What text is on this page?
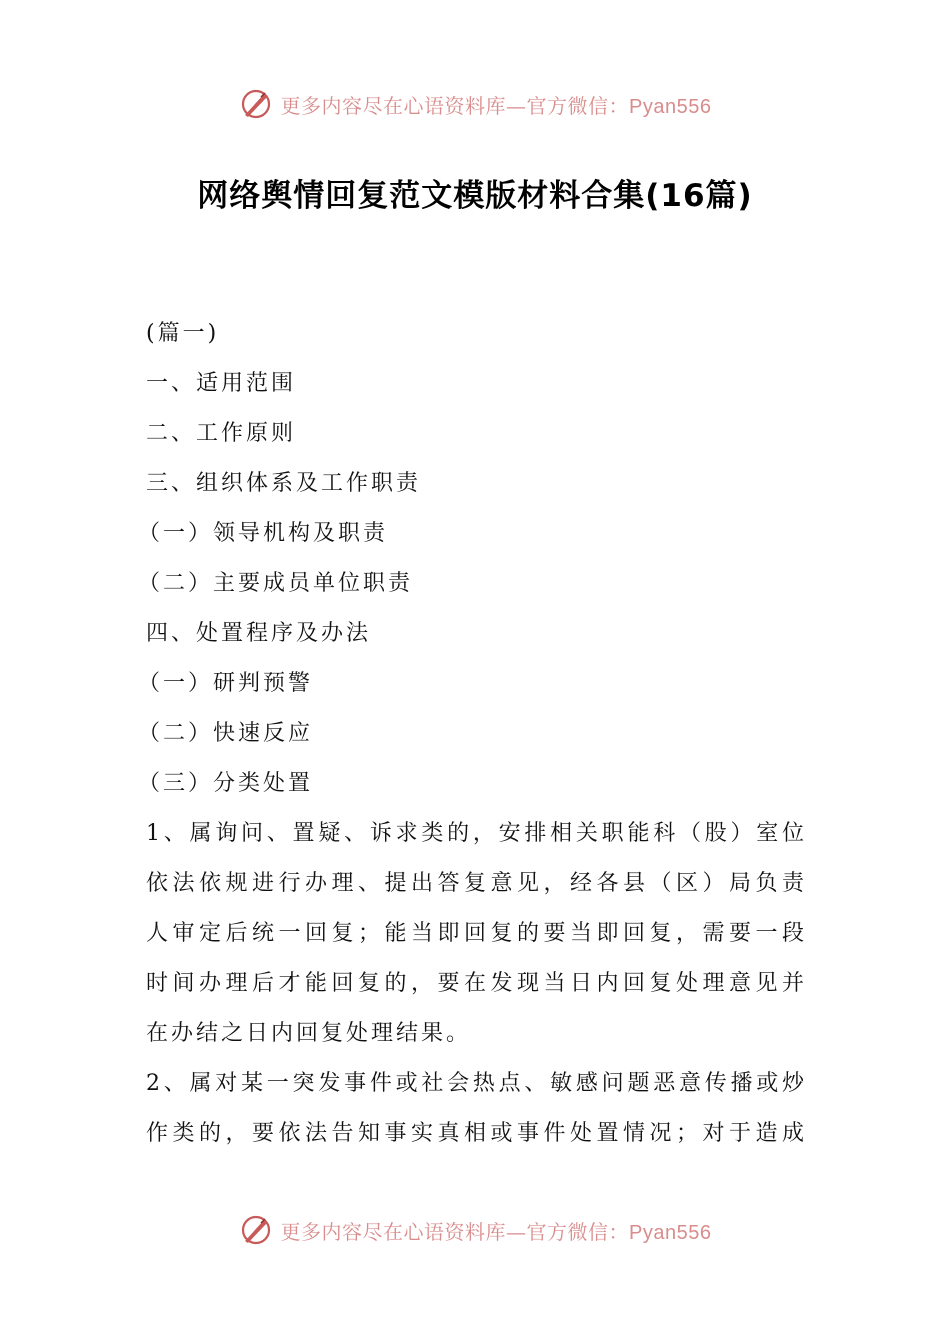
更多内容尽在心语资料库—官方微信：Pyan556
网络舆情回复范文模版材料合集(16篇)
(篇一)
一、适用范围
二、工作原则
三、组织体系及工作职责
（一）领导机构及职责
（二）主要成员单位职责
四、处置程序及办法
（一）研判预警
（二）快速反应
（三）分类处置
1、属询问、置疑、诉求类的，安排相关职能科（股）室位
依法依规进行办理、提出答复意见，经各县（区）局负责
人审定后统一回复；能当即回复的要当即回复，需要一段
时间办理后才能回复的，要在发现当日内回复处理意见并
在办结之日内回复处理结果。
2、属对某一突发事件或社会热点、敏感问题恶意传播或炒
作类的，要依法告知事实真相或事件处置情况；对于造成
更多内容尽在心语资料库—官方微信：Pyan556
